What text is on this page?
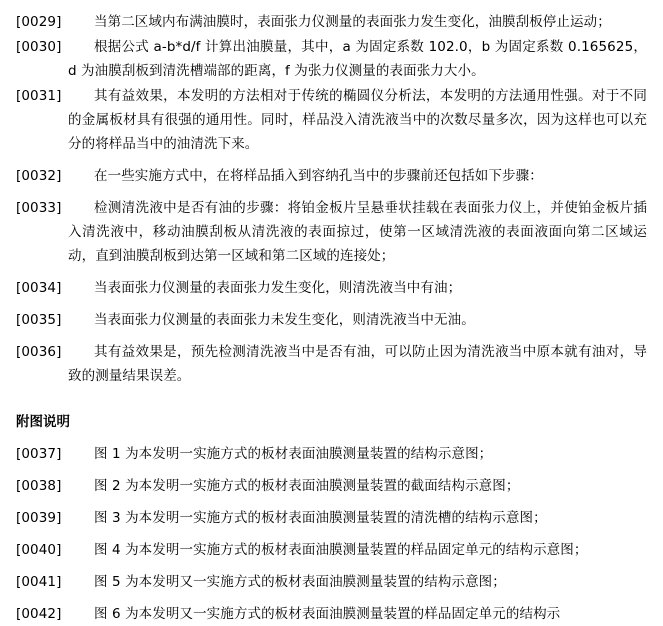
[0029]	当第二区域内布满油膜时，表面张力仪测量的表面张力发生变化，油膜刮板停止运动；
[0030]	根据公式 a-b*d/f 计算出油膜量，其中，a 为固定系数 102.0，b 为固定系数 0.165625，d 为油膜刮板到清洗槽端部的距离，f 为张力仪测量的表面张力大小。
[0031]	其有益效果，本发明的方法相对于传统的椭圆仪分析法，本发明的方法通用性强。对于不同的金属板材具有很强的通用性。同时，样品没入清洗液当中的次数尽量多次，因为这样也可以充分的将样品当中的油清洗下来。
[0032]	在一些实施方式中，在将样品插入到容纳孔当中的步骤前还包括如下步骤：
[0033]	检测清洗液中是否有油的步骤：将铂金板片呈悬垂状挂载在表面张力仪上，并使铂金板片插入清洗液中，移动油膜刮板从清洗液的表面掠过，使第一区域清洗液的表面液面向第二区域运动，直到油膜刮板到达第一区域和第二区域的连接处；
[0034]	当表面张力仪测量的表面张力发生变化，则清洗液当中有油；
[0035]	当表面张力仪测量的表面张力未发生变化，则清洗液当中无油。
[0036]	其有益效果是，预先检测清洗液当中是否有油，可以防止因为清洗液当中原本就有油对，导致的测量结果误差。
附图说明
[0037]	图 1 为本发明一实施方式的板材表面油膜测量装置的结构示意图；
[0038]	图 2 为本发明一实施方式的板材表面油膜测量装置的截面结构示意图；
[0039]	图 3 为本发明一实施方式的板材表面油膜测量装置的清洗槽的结构示意图；
[0040]	图 4 为本发明一实施方式的板材表面油膜测量装置的样品固定单元的结构示意图；
[0041]	图 5 为本发明又一实施方式的板材表面油膜测量装置的结构示意图；
[0042]	图 6 为本发明又一实施方式的板材表面油膜测量装置的样品固定单元的结构示
